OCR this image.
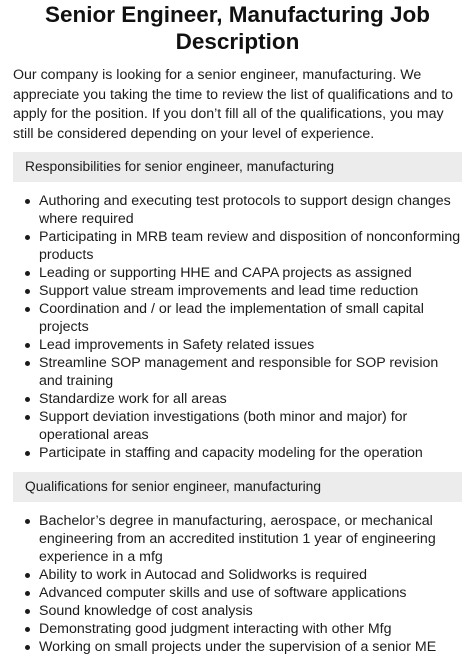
Senior Engineer, Manufacturing Job Description

Our company is looking for a senior engineer, manufacturing. We appreciate you taking the time to review the list of qualifications and to apply for the position. If you don’t fill all of the qualifications, you may still be considered depending on your level of experience.

Responsibilities for senior engineer, manufacturing
Authoring and executing test protocols to support design changes where required
Participating in MRB team review and disposition of nonconforming products
Leading or supporting HHE and CAPA projects as assigned
Support value stream improvements and lead time reduction
Coordination and / or lead the implementation of small capital projects
Lead improvements in Safety related issues
Streamline SOP management and responsible for SOP revision and training
Standardize work for all areas
Support deviation investigations (both minor and major) for operational areas
Participate in staffing and capacity modeling for the operation
Qualifications for senior engineer, manufacturing
Bachelor’s degree in manufacturing, aerospace, or mechanical engineering from an accredited institution 1 year of engineering experience in a mfg
Ability to work in Autocad and Solidworks is required
Advanced computer skills and use of software applications
Sound knowledge of cost analysis
Demonstrating good judgment interacting with other Mfg
Working on small projects under the supervision of a senior ME
